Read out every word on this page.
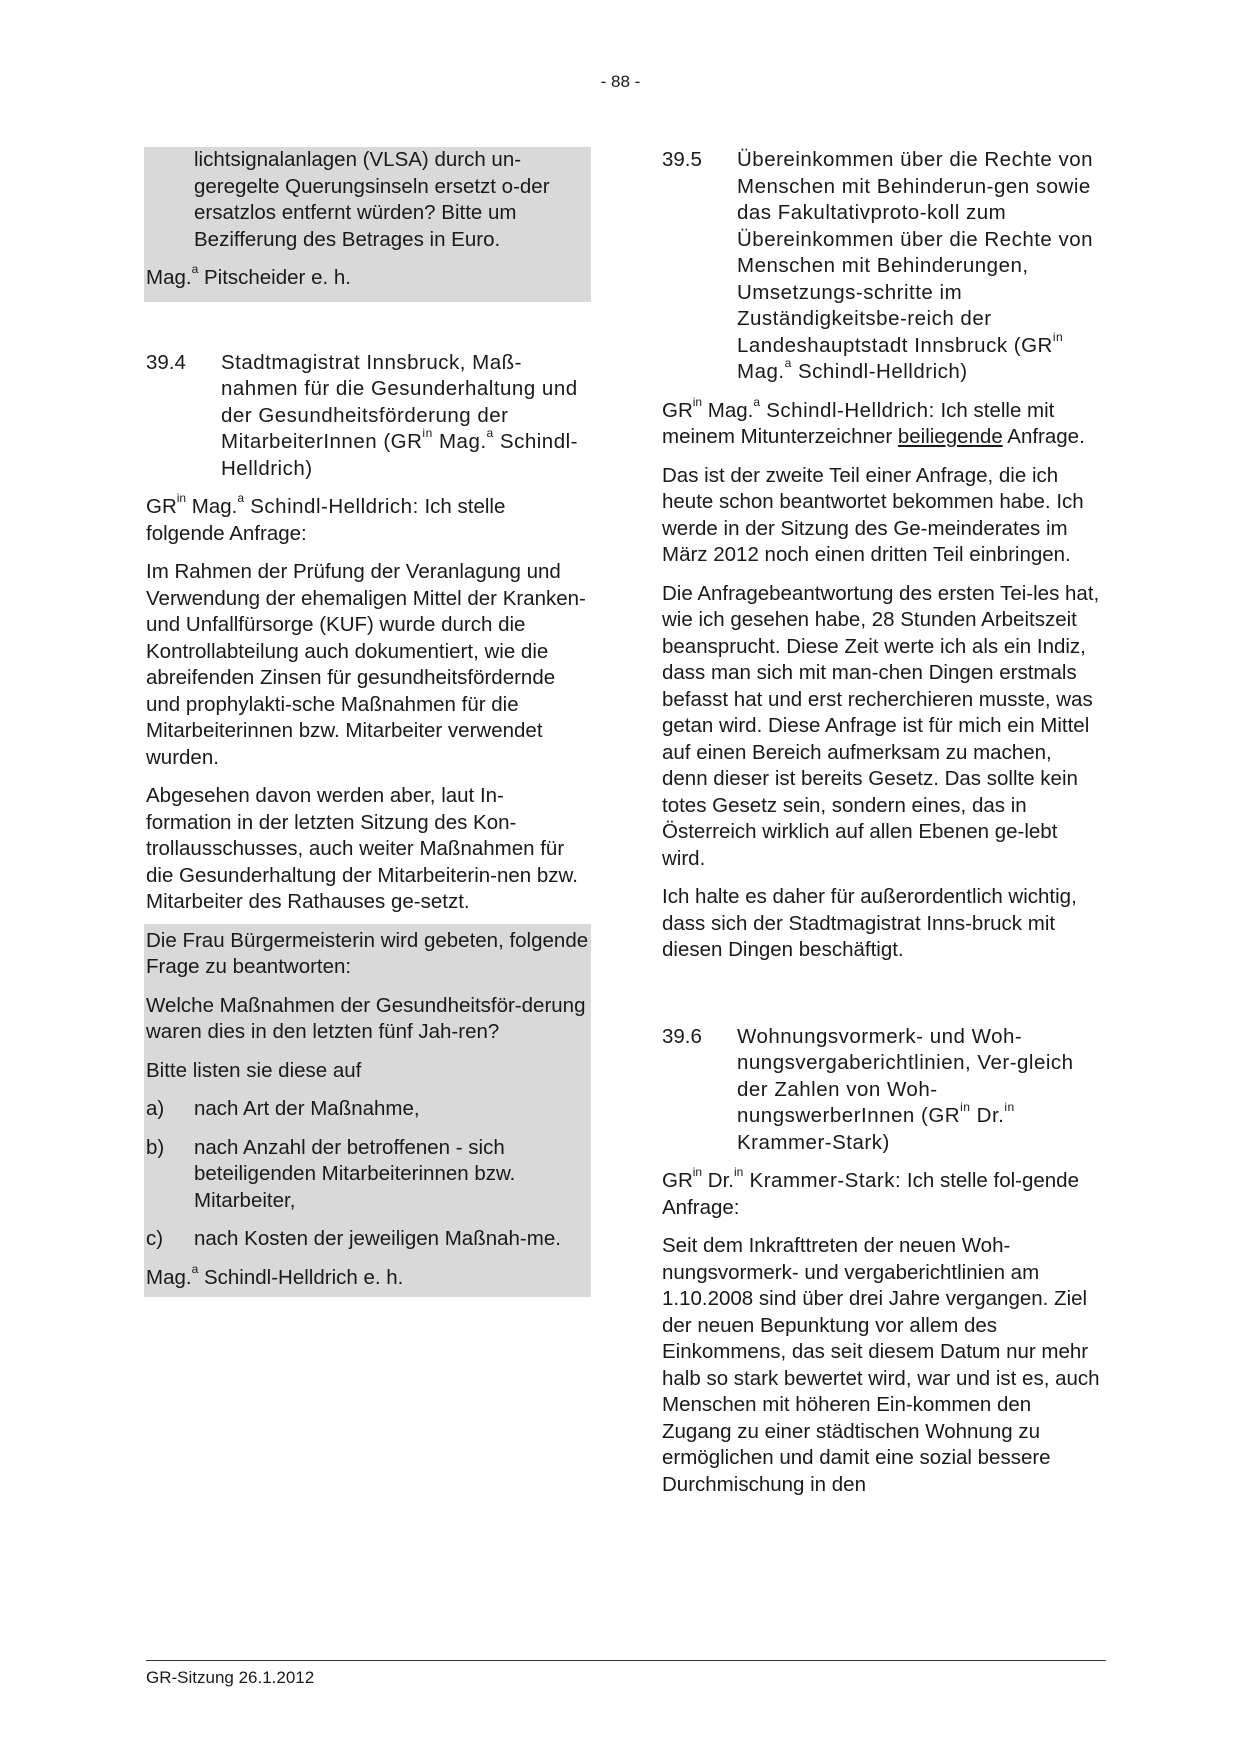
- 88 -

lichtsignalanlagen (VLSA) durch un-geregelte Querungsinseln ersetzt o-der ersatzlos entfernt würden? Bitte um Bezifferung des Betrages in Euro.

Mag.$^a$ Pitscheider e. h.

39.4	Stadtmagistrat Innsbruck, Maß-nahmen für die Gesunderhaltung und der Gesundheitsförderung der MitarbeiterInnen ($GR^{in}$ Mag.$^a$ Schindl-Helldrich)

$GR^{in}$ Mag.$^a$ Schindl-Helldrich: Ich stelle folgende Anfrage:

Im Rahmen der Prüfung der Veranlagung und Verwendung der ehemaligen Mittel der Kranken- und Unfallfürsorge (KUF) wurde durch die Kontrollabteilung auch dokumentiert, wie die abreifenden Zinsen für gesundheitsfördernde und prophylakti-sche Maßnahmen für die Mitarbeiterinnen bzw. Mitarbeiter verwendet wurden.

Abgesehen davon werden aber, laut In-formation in der letzten Sitzung des Kon-trollausschusses, auch weiter Maßnahmen für die Gesunderhaltung der Mitarbeiterin-nen bzw. Mitarbeiter des Rathauses ge-setzt.

Die Frau Bürgermeisterin wird gebeten, folgende Frage zu beantworten:

Welche Maßnahmen der Gesundheitsför-derung waren dies in den letzten fünf Jah-ren?

Bitte listen sie diese auf

a)	nach Art der Maßnahme,
b)	nach Anzahl der betroffenen - sich beteiligenden Mitarbeiterinnen bzw. Mitarbeiter,
c)	nach Kosten der jeweiligen Maßnah-me.

Mag.$^a$ Schindl-Helldrich e. h.

39.5	Übereinkommen über die Rechte von Menschen mit Behinderun-gen sowie das Fakultativproto-koll zum Übereinkommen über die Rechte von Menschen mit Behinderungen, Umsetzungs-schritte im Zuständigkeitsbe-reich der Landeshauptstadt Innsbruck ($GR^{in}$ Mag.$^a$ Schindl-Helldrich)

$GR^{in}$ Mag.$^a$ Schindl-Helldrich: Ich stelle mit meinem Mitunterzeichner beiliegende Anfrage.

Das ist der zweite Teil einer Anfrage, die ich heute schon beantwortet bekommen habe. Ich werde in der Sitzung des Ge-meinderates im März 2012 noch einen dritten Teil einbringen.

Die Anfragebeantwortung des ersten Tei-les hat, wie ich gesehen habe, 28 Stunden Arbeitszeit beansprucht. Diese Zeit werte ich als ein Indiz, dass man sich mit man-chen Dingen erstmals befasst hat und erst recherchieren musste, was getan wird. Diese Anfrage ist für mich ein Mittel auf einen Bereich aufmerksam zu machen, denn dieser ist bereits Gesetz. Das sollte kein totes Gesetz sein, sondern eines, das in Österreich wirklich auf allen Ebenen ge-lebt wird.

Ich halte es daher für außerordentlich wichtig, dass sich der Stadtmagistrat Inns-bruck mit diesen Dingen beschäftigt.

39.6	Wohnungsvormerk- und Woh-nungsvergaberichtlinien, Ver-gleich der Zahlen von Woh-nungswerberInnen ($GR^{in}$ Dr.$^{in}$ Krammer-Stark)

$GR^{in}$ Dr.$^{in}$ Krammer-Stark: Ich stelle fol-gende Anfrage:

Seit dem Inkrafttreten der neuen Woh-nungsvormerk- und vergaberichtlinien am 1.10.2008 sind über drei Jahre vergangen. Ziel der neuen Bepunktung vor allem des Einkommens, das seit diesem Datum nur mehr halb so stark bewertet wird, war und ist es, auch Menschen mit höheren Ein-kommen den Zugang zu einer städtischen Wohnung zu ermöglichen und damit eine sozial bessere Durchmischung in den

GR-Sitzung 26.1.2012
